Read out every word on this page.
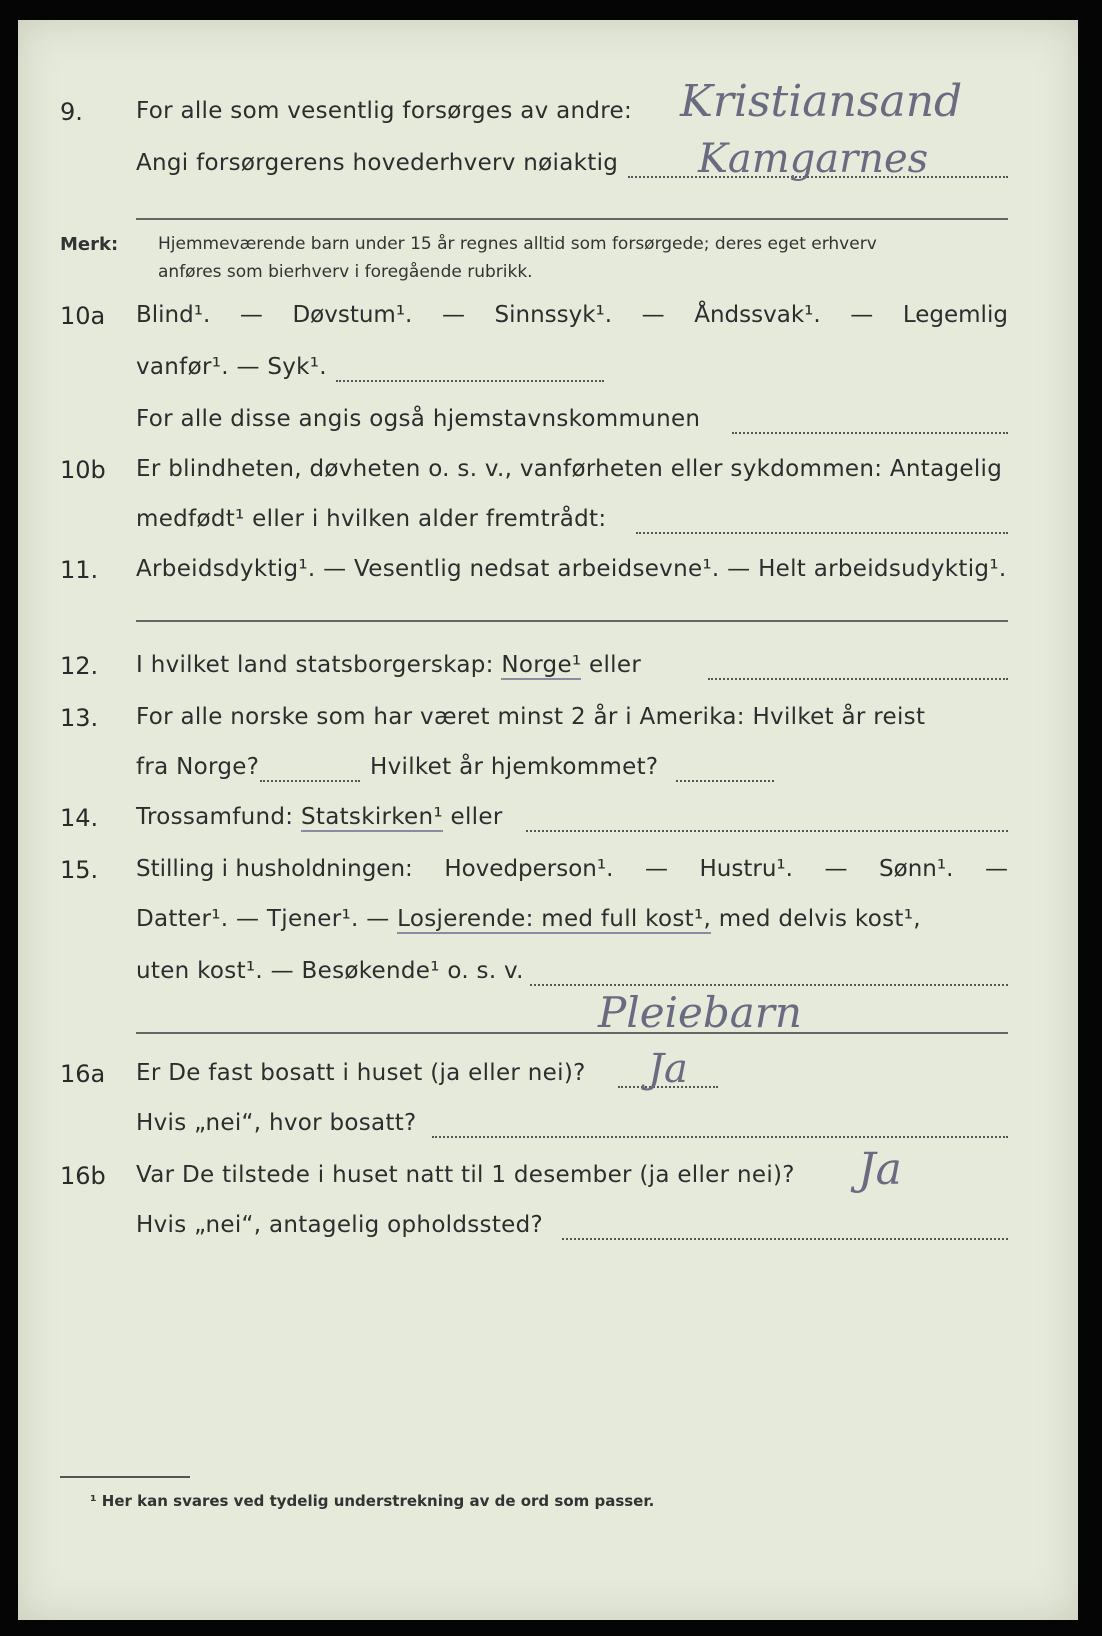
9. For alle som vesentlig forsørges av andre: Kristiansand
Angi forsørgerens hovederhverv nøiaktig Kamgarnes
Merk: Hjemmeværende barn under 15 år regnes alltid som forsørgede; deres eget erhverv
anføres som bierhverv i foregående rubrikk.
10a Blind¹. — Døvstum¹. — Sinnssyk¹. — Åndssvak¹. — Legemlig
vanfør¹. — Syk¹.
For alle disse angis også hjemstavnskommunen
10b Er blindheten, døvheten o. s. v., vanførheten eller sykdommen: Antagelig
medfødt¹ eller i hvilken alder fremtrådt:
11. Arbeidsdyktig¹. — Vesentlig nedsat arbeidsevne¹. — Helt arbeidsudyktig¹.
12. I hvilket land statsborgerskap: Norge¹ eller
13. For alle norske som har været minst 2 år i Amerika: Hvilket år reist
fra Norge?	Hvilket år hjemkommet?
14. Trossamfund: Statskirken¹ eller
15. Stilling i husholdningen: Hovedperson¹. — Hustru¹. — Sønn¹. —
Datter¹. — Tjener¹. — Losjerende: med full kost¹, med delvis kost¹,
uten kost¹. — Besøkende¹ o. s. v.
Pleiebarn
16a Er De fast bosatt i huset (ja eller nei)? Ja
Hvis „nei“, hvor bosatt?
16b Var De tilstede i huset natt til 1 desember (ja eller nei)? Ja
Hvis „nei“, antagelig opholdssted?
¹ Her kan svares ved tydelig understrekning av de ord som passer.
